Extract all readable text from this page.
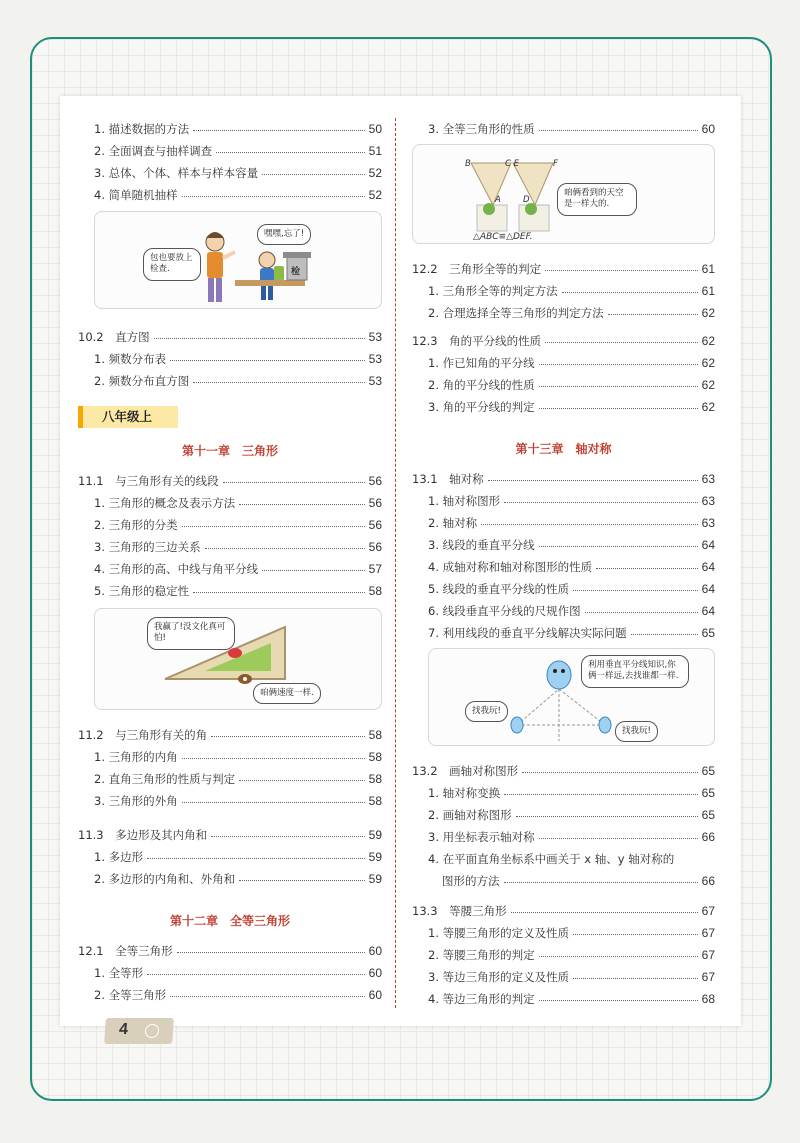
1. 描述数据的方法	50
2. 全面调查与抽样调查	51
3. 总体、个体、样本与样本容量	52
4. 简单随机抽样	52
包也要放上检查.
嘿嘿,忘了!
检
10.2　直方图	53
1. 频数分布表	53
2. 频数分布直方图	53
八年级上
第十一章　三角形
11.1　与三角形有关的线段	56
1. 三角形的概念及表示方法	56
2. 三角形的分类	56
3. 三角形的三边关系	56
4. 三角形的高、中线与角平分线	57
5. 三角形的稳定性	58
我赢了!没文化真可怕!
咱俩速度一样.
11.2　与三角形有关的角	58
1. 三角形的内角	58
2. 直角三角形的性质与判定	58
3. 三角形的外角	58
11.3　多边形及其内角和	59
1. 多边形	59
2. 多边形的内角和、外角和	59
第十二章　全等三角形
12.1　全等三角形	60
1. 全等形	60
2. 全等三角形	60
3. 全等三角形的性质	60
B	C E	F
A	D
咱俩看到的天空是一样大的.
△ABC≌△DEF.
12.2　三角形全等的判定	61
1. 三角形全等的判定方法	61
2. 合理选择全等三角形的判定方法	62
12.3　角的平分线的性质	62
1. 作已知角的平分线	62
2. 角的平分线的性质	62
3. 角的平分线的判定	62
第十三章　轴对称
13.1　轴对称	63
1. 轴对称图形	63
2. 轴对称	63
3. 线段的垂直平分线	64
4. 成轴对称和轴对称图形的性质	64
5. 线段的垂直平分线的性质	64
6. 线段垂直平分线的尺规作图	64
7. 利用线段的垂直平分线解决实际问题	65
利用垂直平分线知识,你俩一样远,去找谁都一样.
找我玩!
找我玩!
13.2　画轴对称图形	65
1. 轴对称变换	65
2. 画轴对称图形	65
3. 用坐标表示轴对称	66
4. 在平面直角坐标系中画关于 x 轴、y 轴对称的
图形的方法	66
13.3　等腰三角形	67
1. 等腰三角形的定义及性质	67
2. 等腰三角形的判定	67
3. 等边三角形的定义及性质	67
4. 等边三角形的判定	68
4
